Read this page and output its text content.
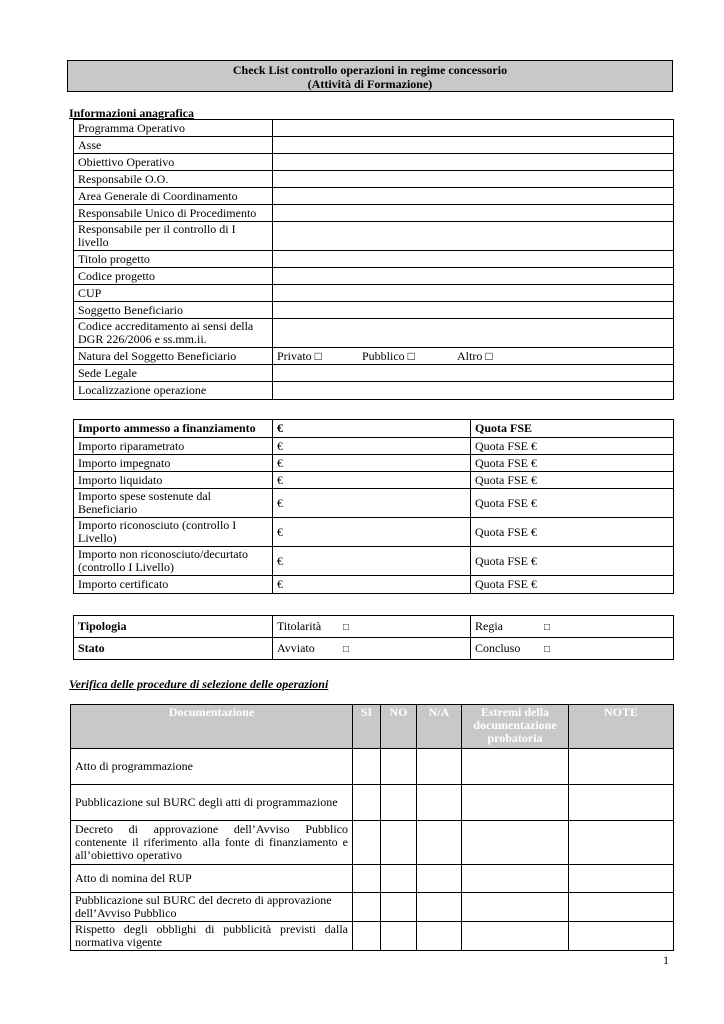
Check List controllo operazioni in regime concessorio
(Attività di Formazione)
Informazioni anagrafica
Programma Operativo	
Asse	
Obiettivo Operativo	
Responsabile O.O.	
Area Generale di Coordinamento	
Responsabile Unico di Procedimento	
Responsabile per il controllo di I livello	
Titolo progetto	
Codice progetto	
CUP	
Soggetto Beneficiario	
Codice accreditamento ai sensi della DGR 226/2006 e ss.mm.ii.	
Natura del Soggetto Beneficiario	Privato □ Pubblico □ Altro □
Sede Legale	
Localizzazione operazione	
Importo ammesso a finanziamento	€	Quota FSE
Importo riparametrato	€	Quota FSE €
Importo impegnato	€	Quota FSE €
Importo liquidato	€	Quota FSE €
Importo spese sostenute dal Beneficiario	€	Quota FSE €
Importo riconosciuto (controllo I Livello)	€	Quota FSE €
Importo non riconosciuto/decurtato (controllo I Livello)	€	Quota FSE €
Importo certificato	€	Quota FSE €
Tipologia	Titolarità □	Regia □
Stato	Avviato □	Concluso □
Verifica delle procedure di selezione delle operazioni
Documentazione	SI	NO	N/A	Estremi della documentazione probatoria	NOTE
Atto di programmazione					
Pubblicazione sul BURC degli atti di programmazione					
Decreto di approvazione dell’Avviso Pubblico contenente il riferimento alla fonte di finanziamento e all’obiettivo operativo					
Atto di nomina del RUP					
Pubblicazione sul BURC del decreto di approvazione dell’Avviso Pubblico					
Rispetto degli obblighi di pubblicità previsti dalla normativa vigente					
1
